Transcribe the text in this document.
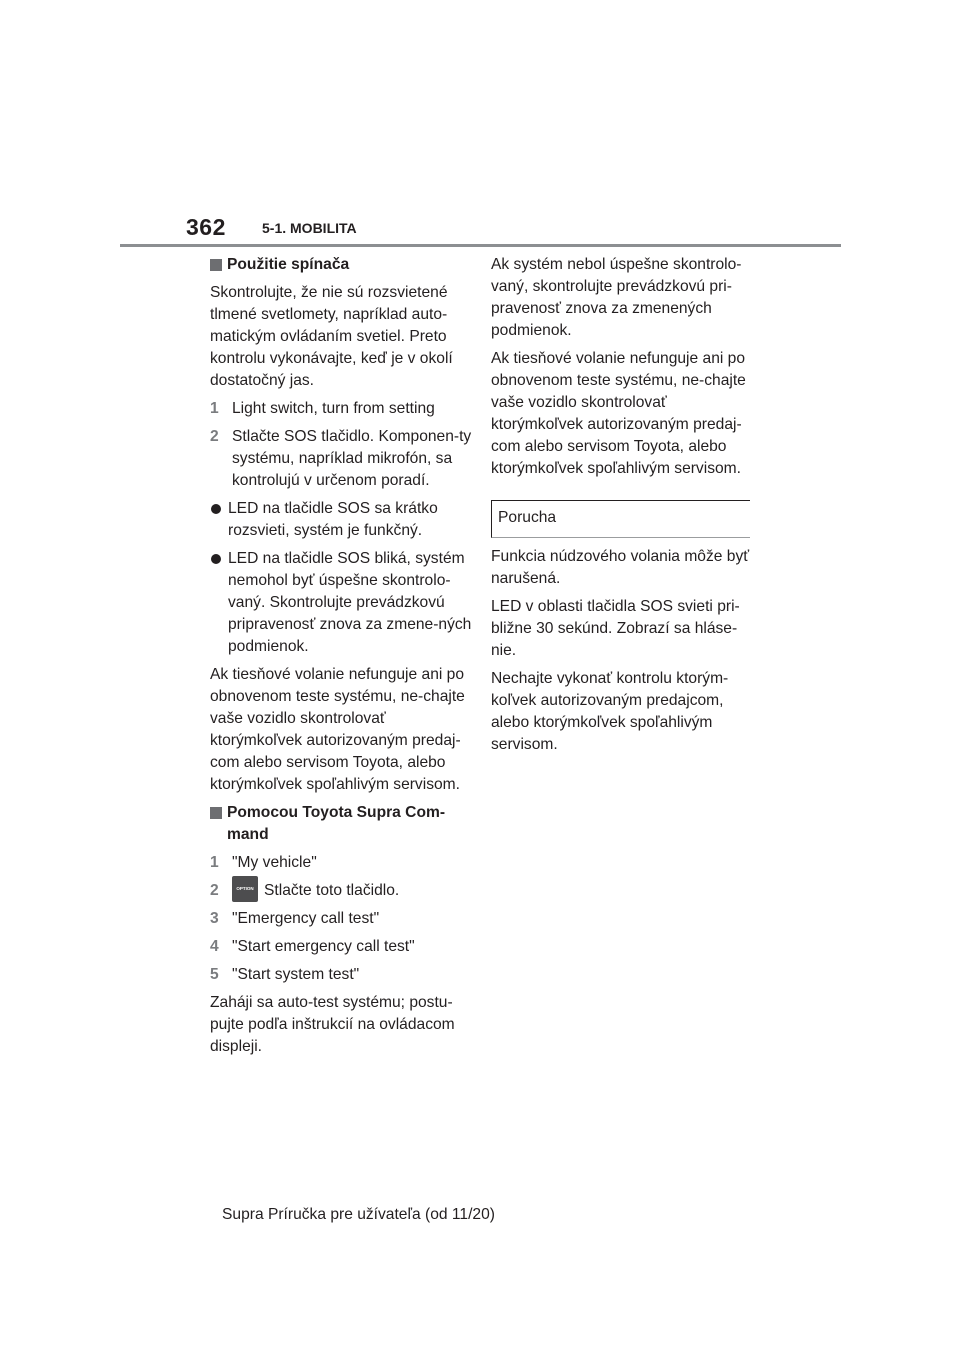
362	5-1. MOBILITA
Použitie spínača

Skontrolujte, že nie sú rozsvietené tlmené svetlomety, napríklad auto-matickým ovládaním svetiel. Preto kontrolu vykonávajte, keď je v okolí dostatočný jas.

1 Light switch, turn from setting
2 Stlačte SOS tlačidlo. Komponen-ty systému, napríklad mikrofón, sa kontrolujú v určenom poradí.
LED na tlačidle SOS sa krátko rozsvieti, systém je funkčný.
LED na tlačidle SOS bliká, systém nemohol byť úspešne skontrolo-vaný. Skontrolujte prevádzkovú pripravenosť znova za zmene-ných podmienok.

Ak tiesňové volanie nefunguje ani po obnovenom teste systému, ne-chajte vaše vozidlo skontrolovať ktorýmkoľvek autorizovaným predaj-com alebo servisom Toyota, alebo ktorýmkoľvek spoľahlivým servisom.

Pomocou Toyota Supra Com-mand
1 "My vehicle"
2	OPTION Stlačte toto tlačidlo.
3 "Emergency call test"
4 "Start emergency call test"
5 "Start system test"

Zaháji sa auto-test systému; postu-pujte podľa inštrukcií na ovládacom displeji.

Ak systém nebol úspešne skontrolo-vaný, skontrolujte prevádzkovú pri-pravenosť znova za zmenených podmienok.

Ak tiesňové volanie nefunguje ani po obnovenom teste systému, ne-chajte vaše vozidlo skontrolovať ktorýmkoľvek autorizovaným predaj-com alebo servisom Toyota, alebo ktorýmkoľvek spoľahlivým servisom.

Porucha

Funkcia núdzového volania môže byť narušená.

LED v oblasti tlačidla SOS svieti pri-bližne 30 sekúnd. Zobrazí sa hláse-nie.

Nechajte vykonať kontrolu ktorým-koľvek autorizovaným predajcom, alebo ktorýmkoľvek spoľahlivým servisom.

Supra Príručka pre užívateľa (od 11/20)
